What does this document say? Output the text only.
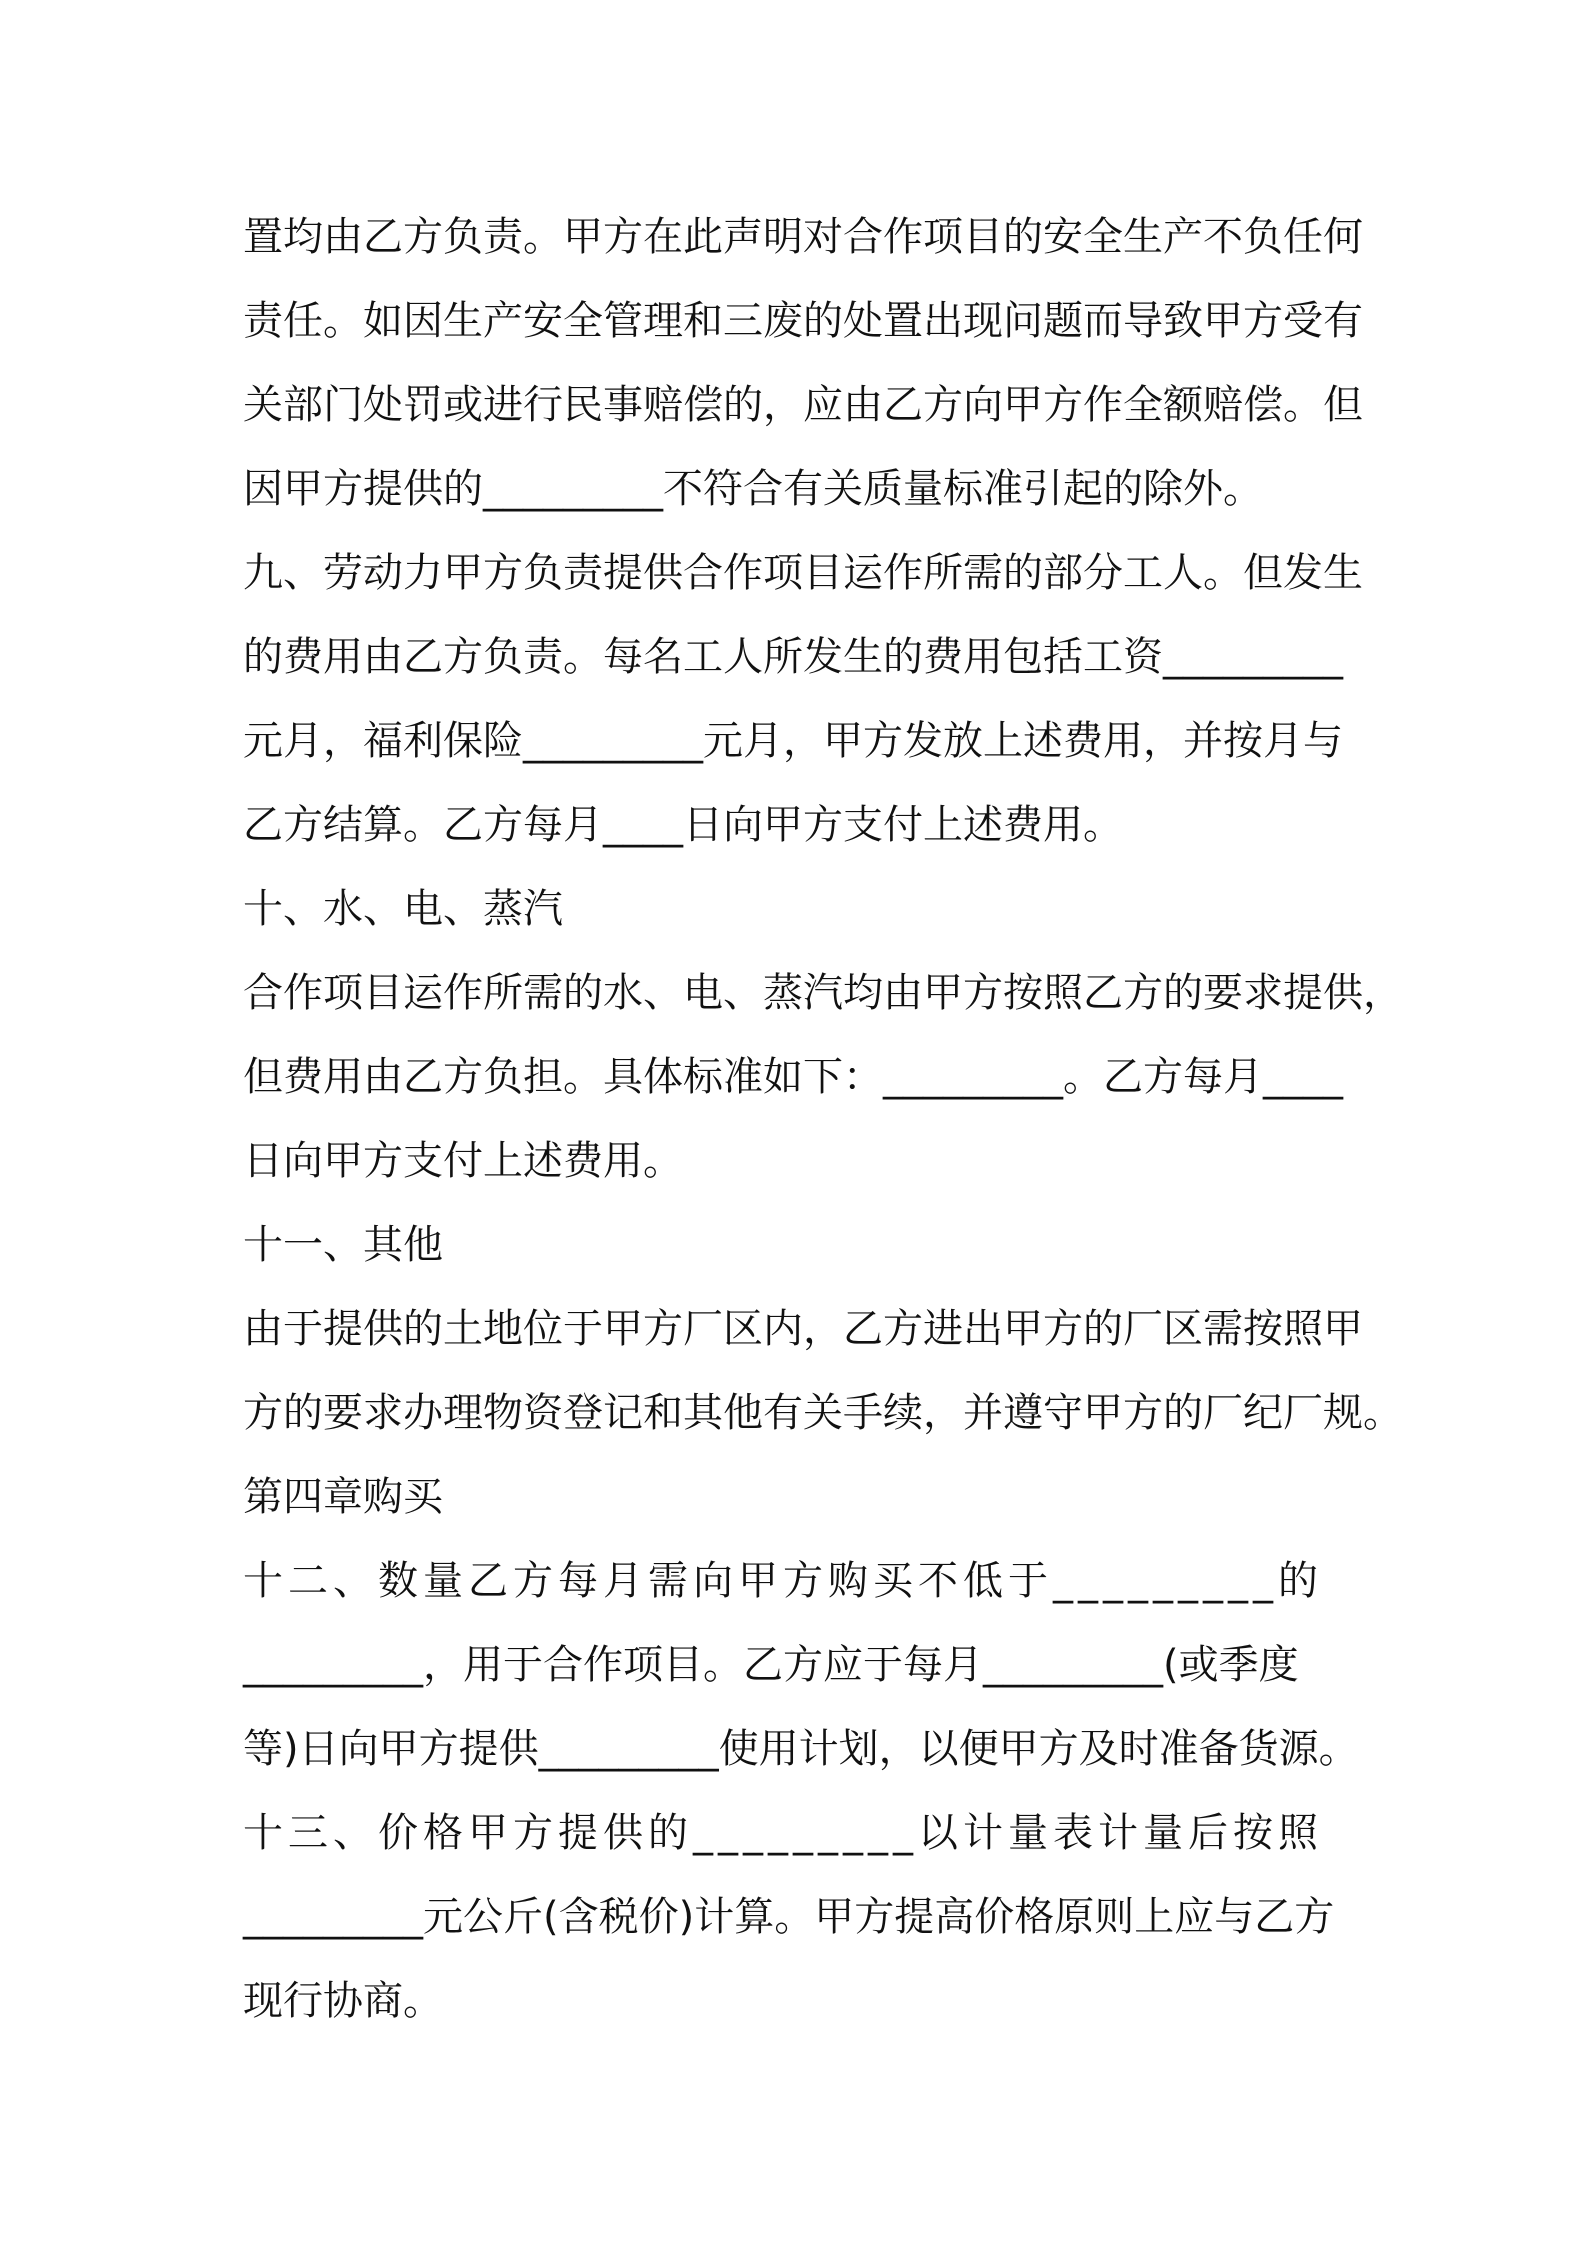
置均由乙方负责。甲方在此声明对合作项目的安全生产不负任何
责任。如因生产安全管理和三废的处置出现问题而导致甲方受有
关部门处罚或进行民事赔偿的，应由乙方向甲方作全额赔偿。但
因甲方提供的_________不符合有关质量标准引起的除外。
九、劳动力甲方负责提供合作项目运作所需的部分工人。但发生
的费用由乙方负责。每名工人所发生的费用包括工资_________
元月，福利保险_________元月，甲方发放上述费用，并按月与
乙方结算。乙方每月____日向甲方支付上述费用。
十、水、电、蒸汽
合作项目运作所需的水、电、蒸汽均由甲方按照乙方的要求提供，
但费用由乙方负担。具体标准如下：_________。乙方每月____
日向甲方支付上述费用。
十一、其他
由于提供的土地位于甲方厂区内，乙方进出甲方的厂区需按照甲
方的要求办理物资登记和其他有关手续，并遵守甲方的厂纪厂规。
第四章购买
十二、数量乙方每月需向甲方购买不低于_________的
_________，用于合作项目。乙方应于每月_________(或季度
等)日向甲方提供_________使用计划，以便甲方及时准备货源。
十三、价格甲方提供的_________以计量表计量后按照
_________元公斤(含税价)计算。甲方提高价格原则上应与乙方
现行协商。
